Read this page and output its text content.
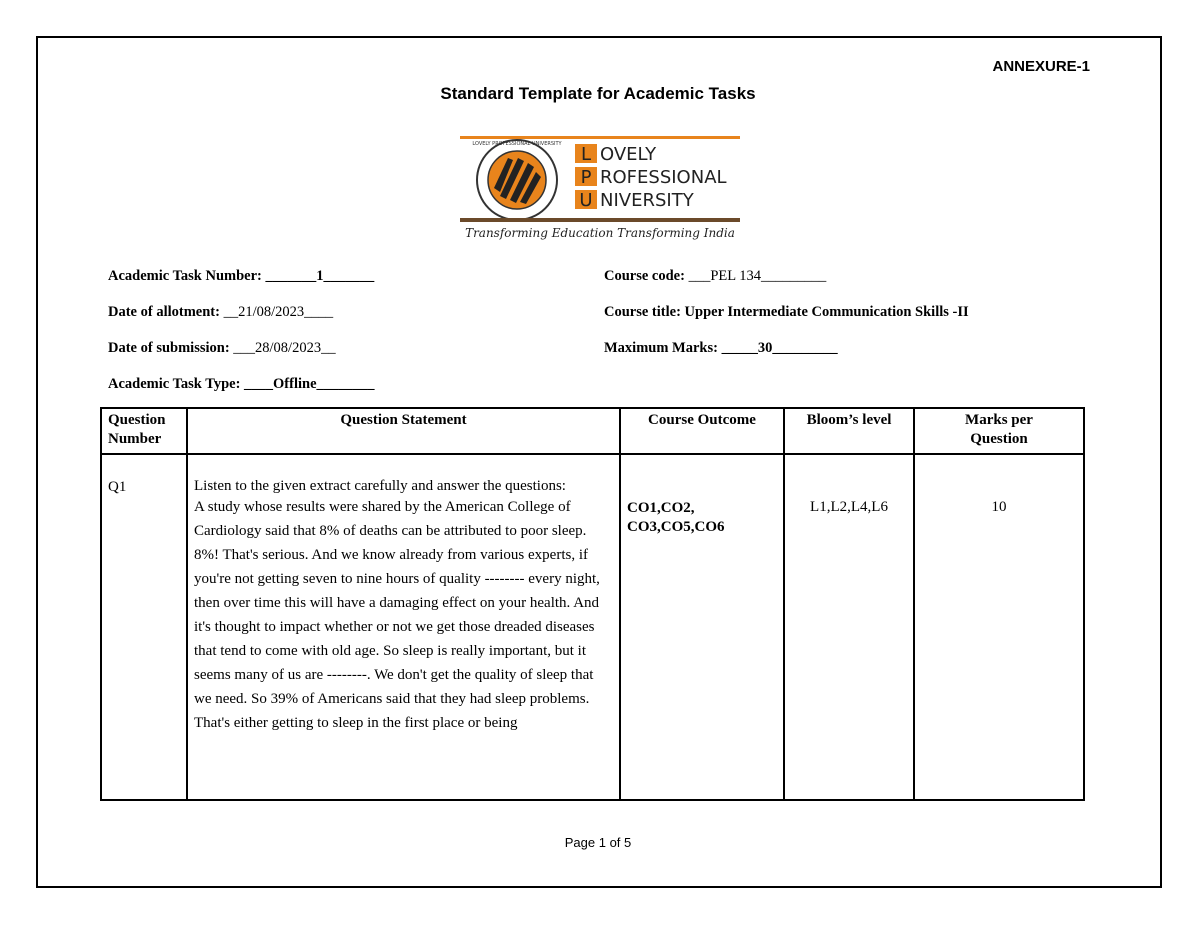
ANNEXURE-1
Standard Template for Academic Tasks
LOVELY PROFESSIONAL UNIVERSITY L
P
U
OVELY
ROFESSIONAL
NIVERSITY
Transforming Education Transforming India
Academic Task Number: _______1_______
Date of allotment: __21/08/2023____
Date of submission: ___28/08/2023__
Academic Task Type: ____Offline________
Course code: ___PEL 134_________
Course title: Upper Intermediate Communication Skills -II
Maximum Marks: _____30_________
Question Number	Question Statement	Course Outcome	Bloom’s level	Marks per Question

Q1	Listen to the given extract carefully and answer the questions:
A study whose results were shared by the American College of Cardiology said that 8% of deaths can be attributed to poor sleep. 8%! That's serious. And we know already from various experts, if you're not getting seven to nine hours of quality -------- every night, then over time this will have a damaging effect on your health. And it's thought to impact whether or not we get those dreaded diseases that tend to come with old age. So sleep is really important, but it seems many of us are --------. We don't get the quality of sleep that we need. So 39% of Americans said that they had sleep problems. That's either getting to sleep in the first place or being	CO1,CO2, CO3,CO5,CO6	L1,L2,L4,L6	10
Page 1 of 5
